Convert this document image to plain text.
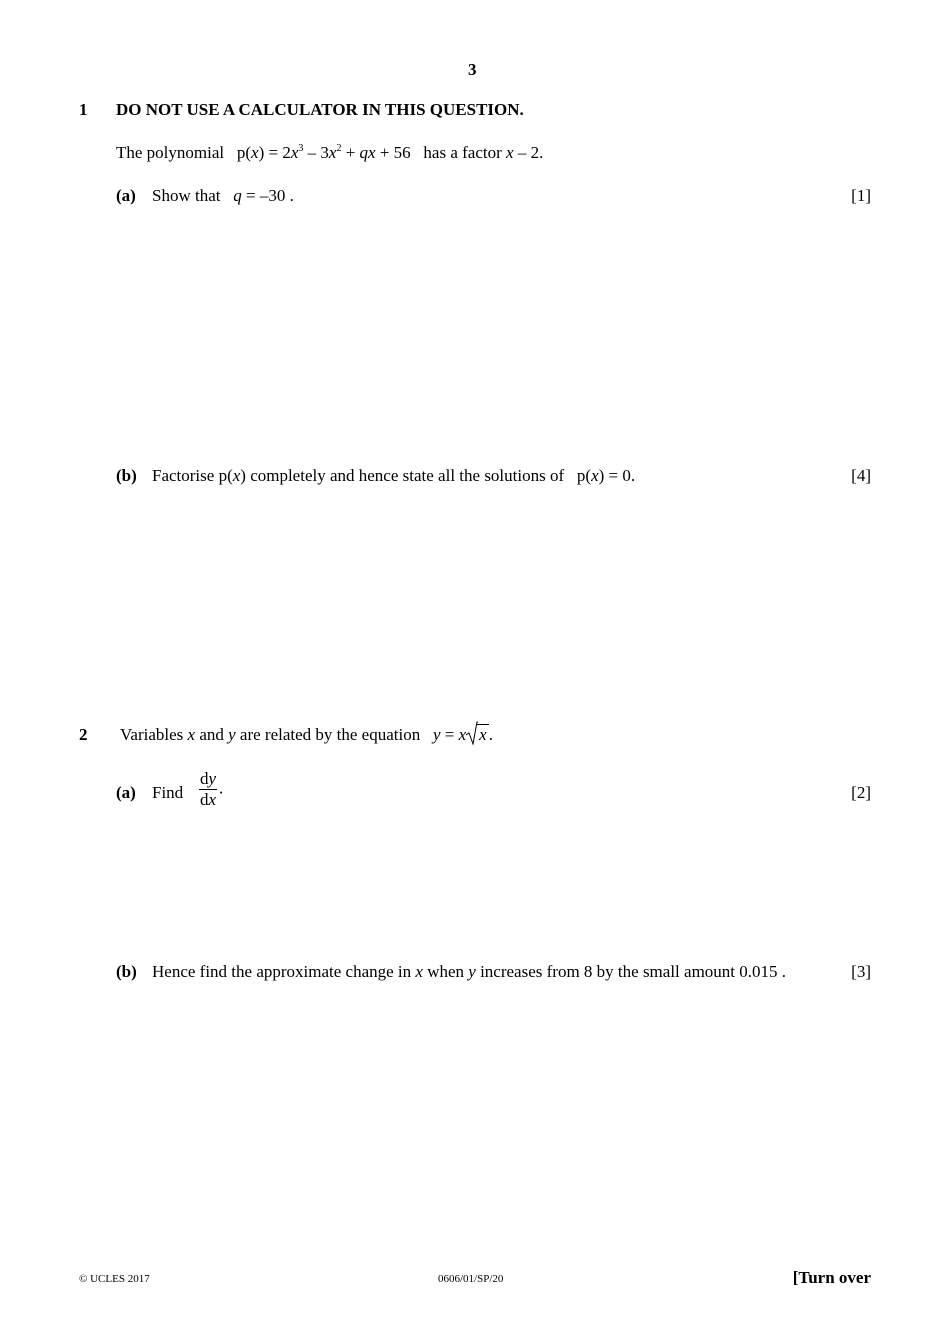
3
1 DO NOT USE A CALCULATOR IN THIS QUESTION.
The polynomial $p(x) = 2x^3 - 3x^2$ + qx + 56 has a factor x – 2.
(a) Show that q = –30 .	[1]
(b) Factorise p(x) completely and hence state all the solutions of p(x) = 0.	[4]
2 Variables x and y are related by the equation y = x x .
(a) Find $\frac{dy}{dx}$ .	[2]
(b) Hence find the approximate change in x when y increases from 8 by the small amount 0.015 .	[3]
© UCLES 2017	0606/01/SP/20	[Turn over
